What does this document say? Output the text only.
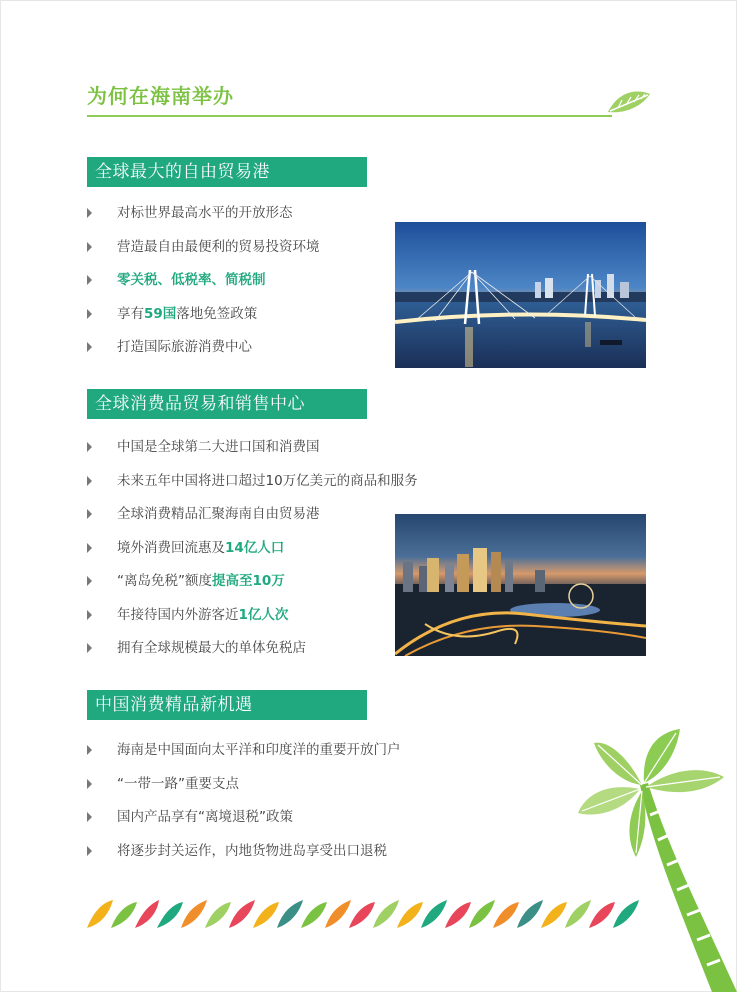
为何在海南举办
全球最大的自由贸易港
对标世界最高水平的开放形态
营造最自由最便利的贸易投资环境
零关税、低税率、简税制
享有59国落地免签政策
打造国际旅游消费中心
全球消费品贸易和销售中心
中国是全球第二大进口国和消费国
未来五年中国将进口超过10万亿美元的商品和服务
全球消费精品汇聚海南自由贸易港
境外消费回流惠及14亿人口
“离岛免税”额度提高至10万
年接待国内外游客近1亿人次
拥有全球规模最大的单体免税店
中国消费精品新机遇
海南是中国面向太平洋和印度洋的重要开放门户
“一带一路”重要支点
国内产品享有“离境退税”政策
将逐步封关运作，内地货物进岛享受出口退税
